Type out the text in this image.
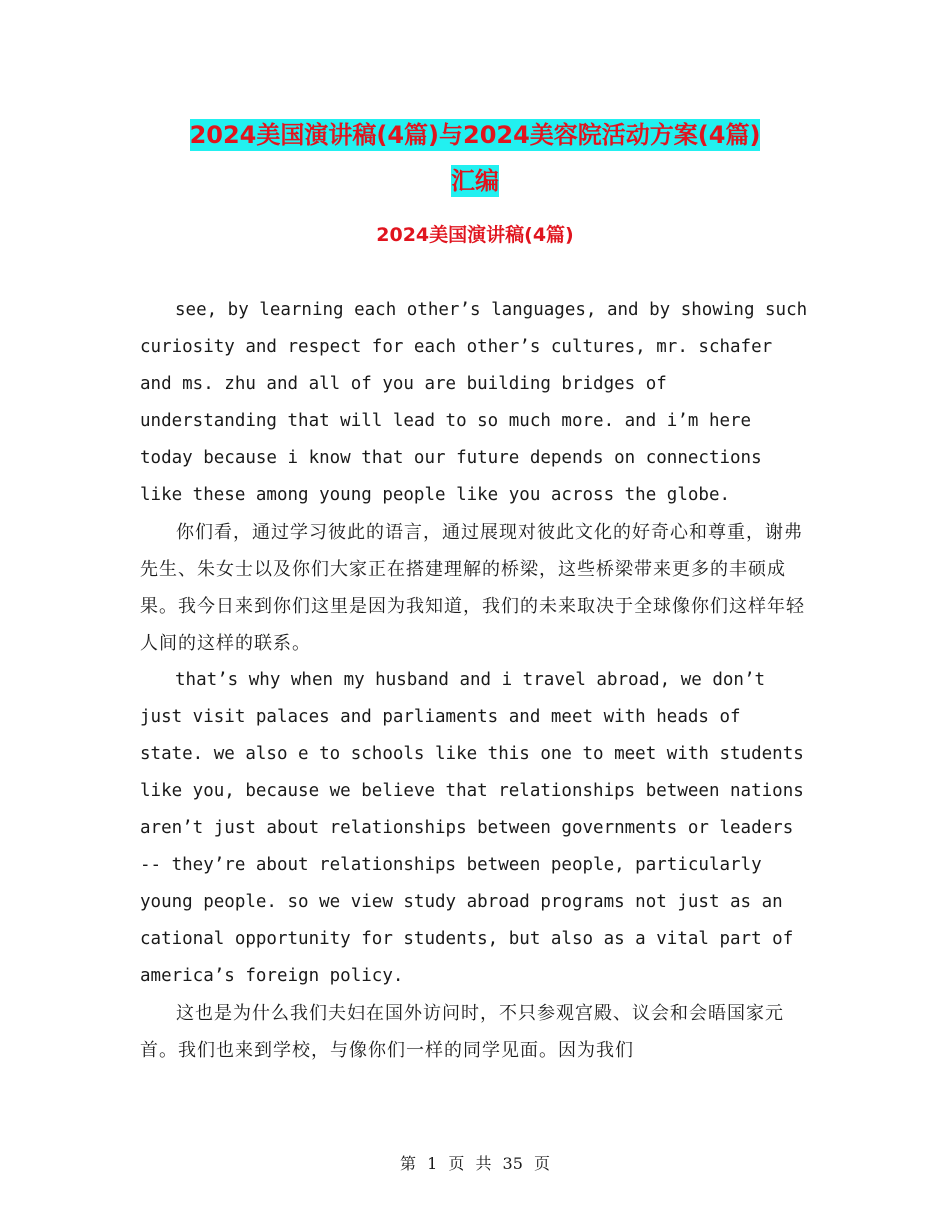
2024美国演讲稿(4篇)与2024美容院活动方案(4篇)
汇编
2024美国演讲稿(4篇)

see, by learning each other’s languages, and by showing such curiosity and respect for each other’s cultures, mr. schafer and ms. zhu and all of you are building bridges of understanding that will lead to so much more. and i’m here today because i know that our future depends on connections like these among young people like you across the globe.

你们看，通过学习彼此的语言，通过展现对彼此文化的好奇心和尊重，谢弗先生、朱女士以及你们大家正在搭建理解的桥梁，这些桥梁带来更多的丰硕成果。我今日来到你们这里是因为我知道，我们的未来取决于全球像你们这样年轻人间的这样的联系。

that’s why when my husband and i travel abroad, we don’t just visit palaces and parliaments and meet with heads of state. we also e to schools like this one to meet with students like you, because we believe that relationships between nations aren’t just about relationships between governments or leaders -- they’re about relationships between people, particularly young people. so we view study abroad programs not just as an cational opportunity for students, but also as a vital part of america’s foreign policy.

这也是为什么我们夫妇在国外访问时，不只参观宫殿、议会和会晤国家元首。我们也来到学校，与像你们一样的同学见面。因为我们

第 1 页 共 35 页
